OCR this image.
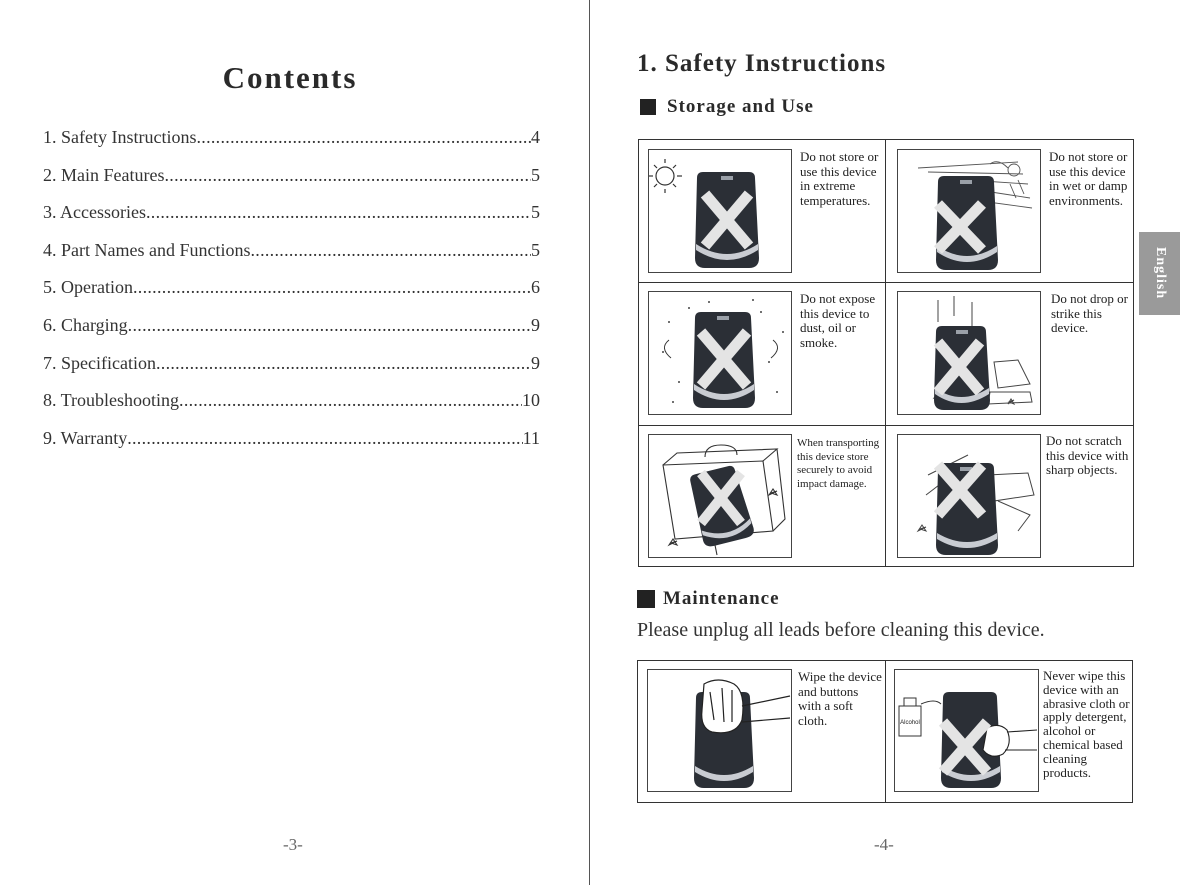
Contents
1. Safety Instructions .....	4
2. Main Features .....	5
3. Accessories .....	5
4. Part Names and Functions .....	5
5. Operation .....	6
6. Charging .....	9
7. Specification .....	9
8. Troubleshooting .....	10
9. Warranty .....	11
-3-
1. Safety Instructions
Storage and Use
Do not store or use this device in extreme temperatures.
Do not store or use this device in wet or damp environments.
Do not expose this device to dust, oil or smoke.
Do not drop or strike this device.
When transporting this device store securely to avoid impact damage.
Do not scratch this device with sharp objects.
Maintenance
Please unplug all leads before cleaning this device.
Wipe the device and buttons with a soft cloth.	Alcohol
Never wipe this device with an abrasive cloth or apply detergent, alcohol or chemical based cleaning products.
English
-4-
